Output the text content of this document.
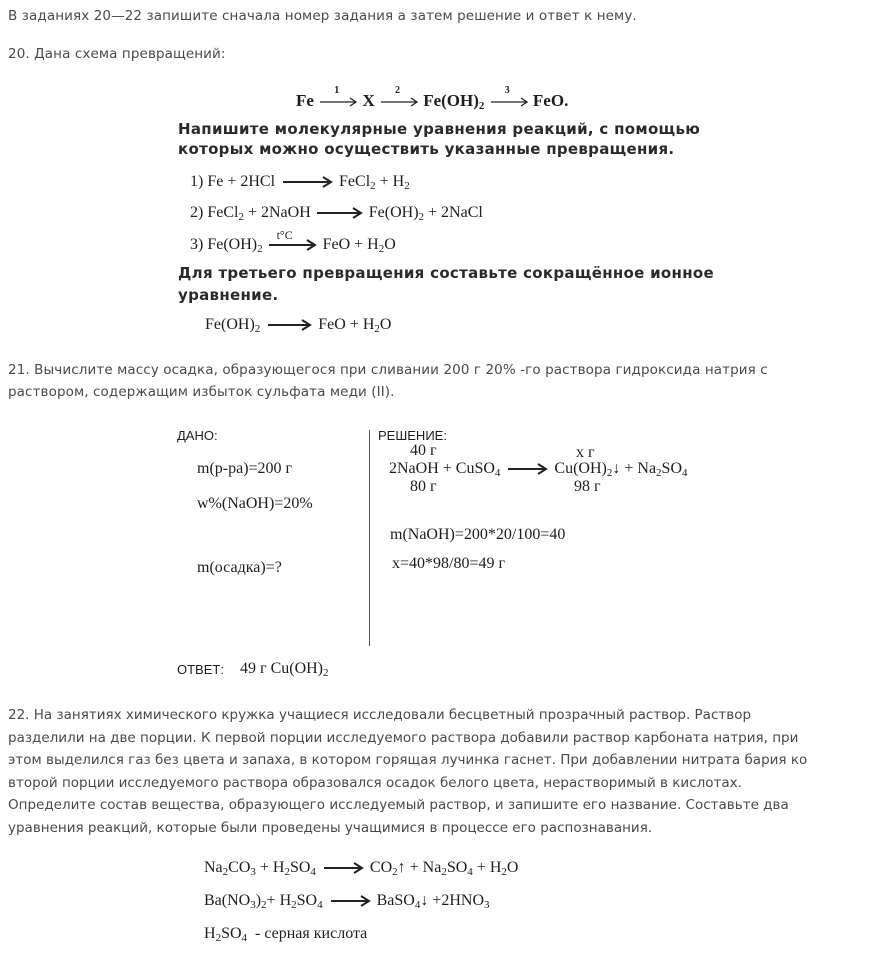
В заданиях 20—22 запишите сначала номер задания а затем решение и ответ к нему.
20. Дана схема превращений:
Fe
1
X
2
$Fe(OH)_2$
3
FeO.
Напишите молекулярные уравнения реакций, с помощью
которых можно осуществить указанные превращения.
1) Fe + 2HCl → FeCl$_2$ + $H_2$
2) FeCl$_2$ + 2NaOH → $Fe(OH)_2$ + 2NaCl
3) $Fe(OH)_2$
t°C
FeO + $H_2O$
Для третьего превращения составьте сокращённое ионное
уравнение.
$Fe(OH)_2$ → FeO + $H_2O$
21. Вычислите массу осадка, образующегося при сливании 200 г 20% -го раствора гидроксида натрия с
раствором, содержащим избыток сульфата меди (II).
ДАНО:
m(р-ра)=200 г
w%(NaOH)=20%
m(осадка)=?
РЕШЕНИЕ:
40 г	x г
2NaOH + CuSO$_4$ → $Cu(OH)_2↓ + Na_2SO_4$
80 г	98 г
m(NaOH)=200*20/100=40
x=40*98/80=49 г
ОТВЕТ: 49 г $Cu(OH)_2$
22. На занятиях химического кружка учащиеся исследовали бесцветный прозрачный раствор. Раствор
разделили на две порции. К первой порции исследуемого раствора добавили раствор карбоната натрия, при
этом выделился газ без цвета и запаха, в котором горящая лучинка гаснет. При добавлении нитрата бария ко
второй порции исследуемого раствора образовался осадок белого цвета, нерастворимый в кислотах.
Определите состав вещества, образующего исследуемый раствор, и запишите его название. Составьте два
уравнения реакций, которые были проведены учащимися в процессе его распознавания.
$Na_2CO_3 + H_2SO_4$ → $CO_2↑ + Na_2SO_4 + H_2O$
$Ba(NO_3)_2+ H_2SO_4$ → BaSO$_4$↓ $+2HNO_3$
$H_2SO_4$  - серная кислота
